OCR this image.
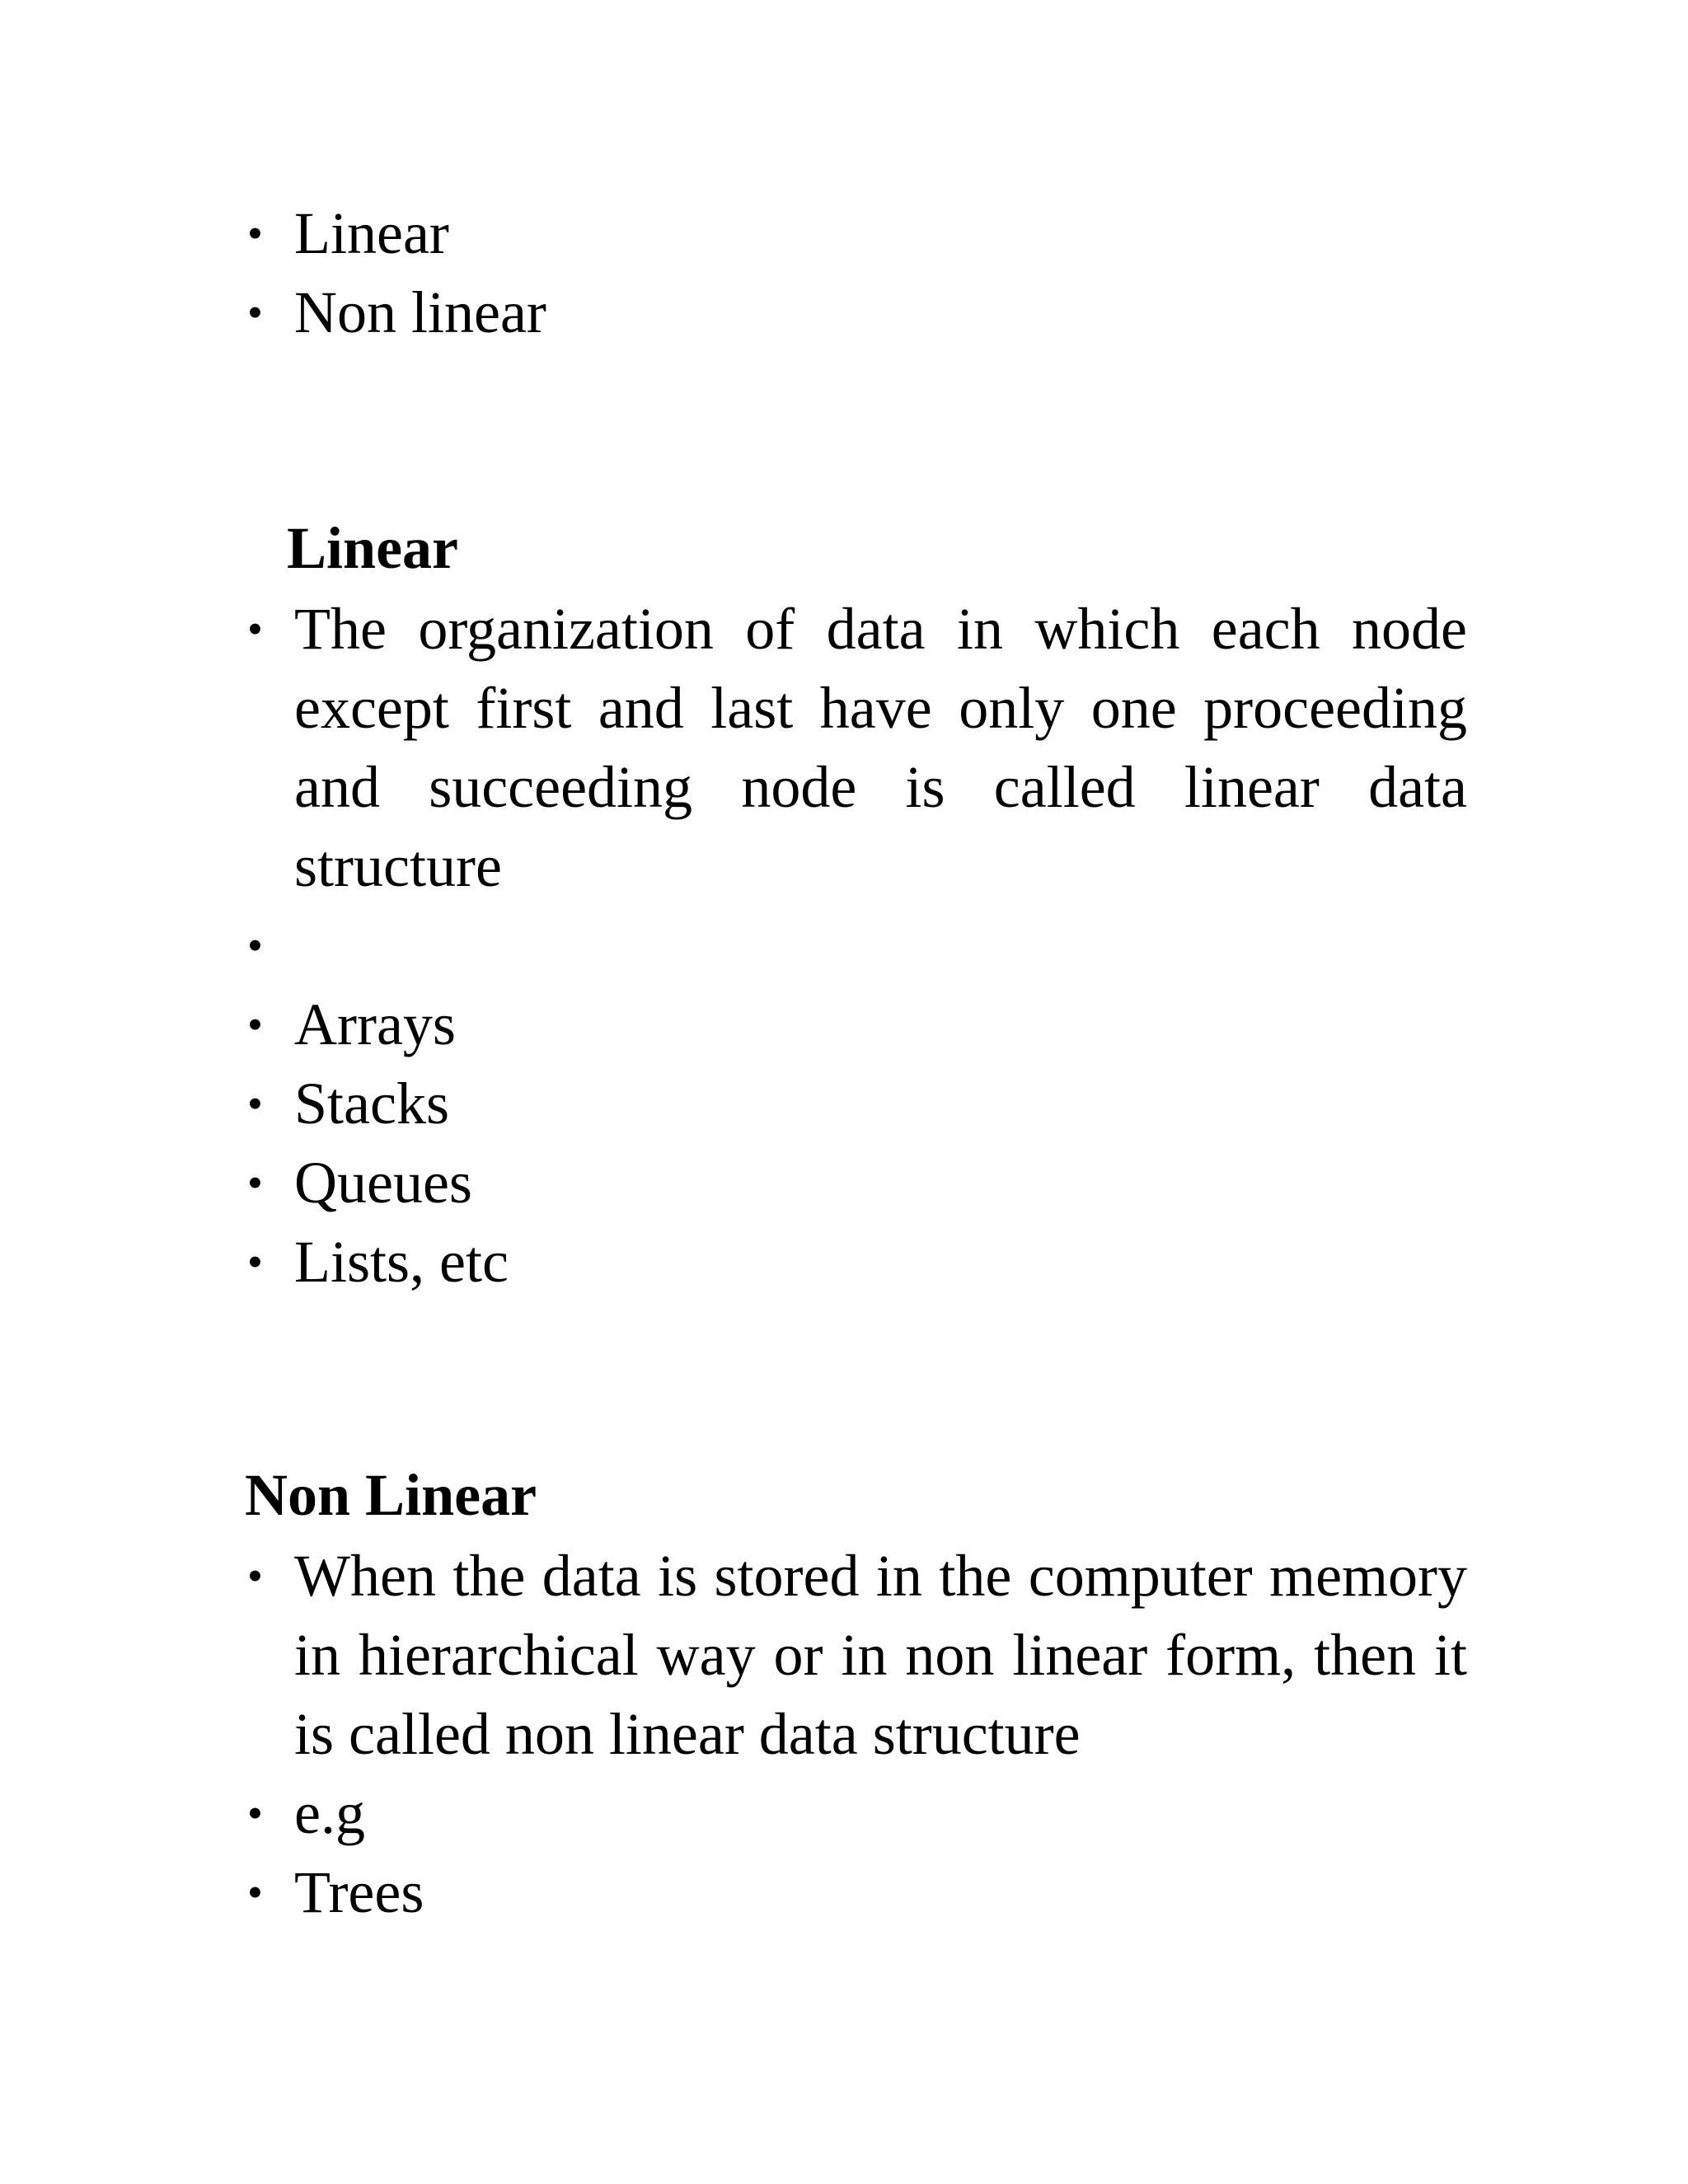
• Linear
• Non linear
Linear
• The organization of data in which each node except first and last have only one proceeding and succeeding node is called linear data structure
•

• Arrays
• Stacks
• Queues
• Lists, etc
Non Linear
• When the data is stored in the computer memory in hierarchical way or in non linear form, then it is called non linear data structure
• e.g
• Trees
